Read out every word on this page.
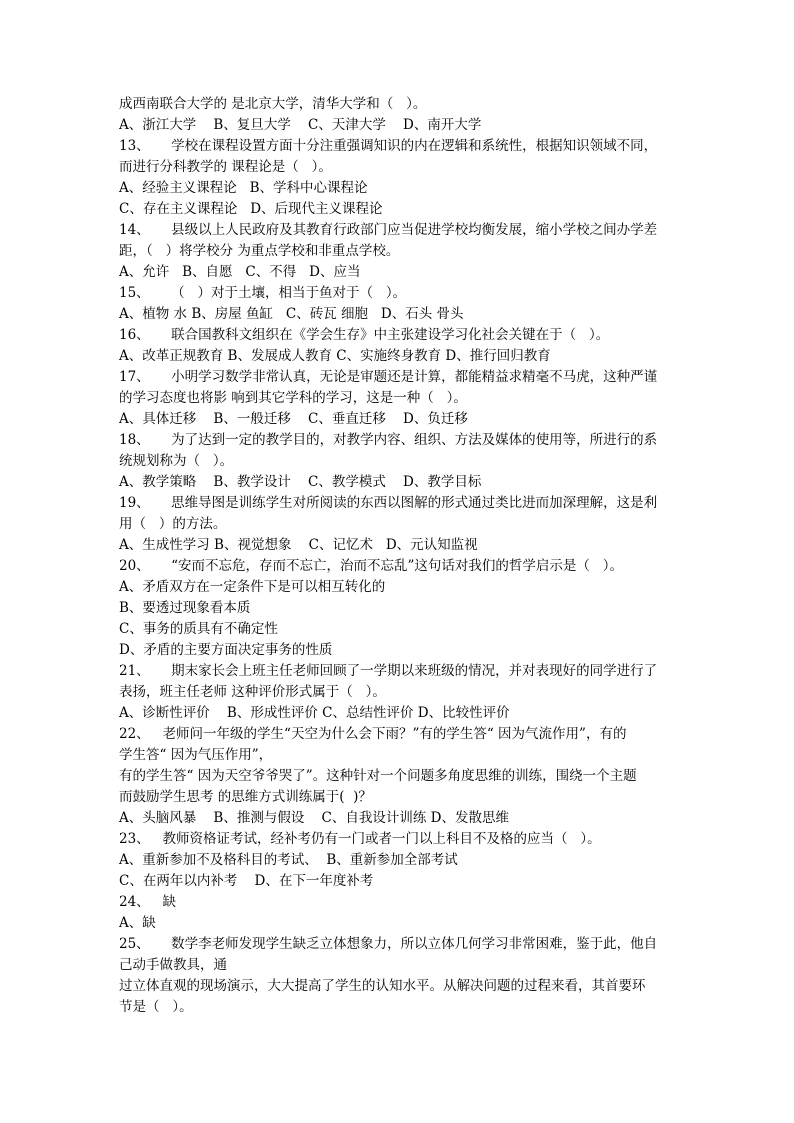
成西南联合大学的 是北京大学，清华大学和（   ）。
A、浙江大学    B、复旦大学    C、天津大学    D、南开大学
13、     学校在课程设置方面十分注重强调知识的内在逻辑和系统性，根据知识领域不同，
而进行分科教学的 课程论是（   ）。
A、经验主义课程论   B、学科中心课程论
C、存在主义课程论   D、后现代主义课程论
14、     县级以上人民政府及其教育行政部门应当促进学校均衡发展，缩小学校之间办学差
距，（   ）将学校分 为重点学校和非重点学校。
A、允许   B、自愿   C、不得   D、应当
15、     （   ）对于土壤，相当于鱼对于（   ）。
A、植物 水 B、房屋 鱼缸   C、砖瓦 细胞   D、石头 骨头
16、     联合国教科文组织在《学会生存》中主张建设学习化社会关键在于（   ）。
A、改革正规教育 B、发展成人教育 C、实施终身教育 D、推行回归教育
17、     小明学习数学非常认真，无论是审题还是计算，都能精益求精毫不马虎，这种严谨
的学习态度也将影 响到其它学科的学习，这是一种（   ）。
A、具体迁移    B、一般迁移    C、垂直迁移    D、负迁移
18、     为了达到一定的教学目的，对教学内容、组织、方法及媒体的使用等，所进行的系
统规划称为（   ）。
A、教学策略    B、教学设计    C、教学模式    D、教学目标
19、     思维导图是训练学生对所阅读的东西以图解的形式通过类比进而加深理解，这是利
用（   ）的方法。
A、生成性学习 B、视觉想象    C、记忆术   D、元认知监视
20、     “安而不忘危，存而不忘亡，治而不忘乱”这句话对我们的哲学启示是（   ）。
A、矛盾双方在一定条件下是可以相互转化的
B、要透过现象看本质
C、事务的质具有不确定性
D、矛盾的主要方面决定事务的性质
21、     期末家长会上班主任老师回顾了一学期以来班级的情况，并对表现好的同学进行了
表扬，班主任老师 这种评价形式属于（   ）。
A、诊断性评价    B、形成性评价 C、总结性评价 D、比较性评价
22、   老师问一年级的学生“天空为什么会下雨？”有的学生答“ 因为气流作用”，有的
学生答“ 因为气压作用”，
有的学生答“ 因为天空爷爷哭了”。这种针对一个问题多角度思维的训练，围绕一个主题
而鼓励学生思考 的思维方式训练属于(  )？
A、头脑风暴    B、推测与假设    C、自我设计训练 D、发散思维
23、   教师资格证考试，经补考仍有一门或者一门以上科目不及格的应当（   ）。
A、重新参加不及格科目的考试、  B、重新参加全部考试
C、在两年以内补考    D、在下一年度补考
24、   缺
A、缺
25、     数学李老师发现学生缺乏立体想象力，所以立体几何学习非常困难，鉴于此，他自
己动手做教具，通
过立体直观的现场演示，大大提高了学生的认知水平。从解决问题的过程来看，其首要环
节是（   ）。
